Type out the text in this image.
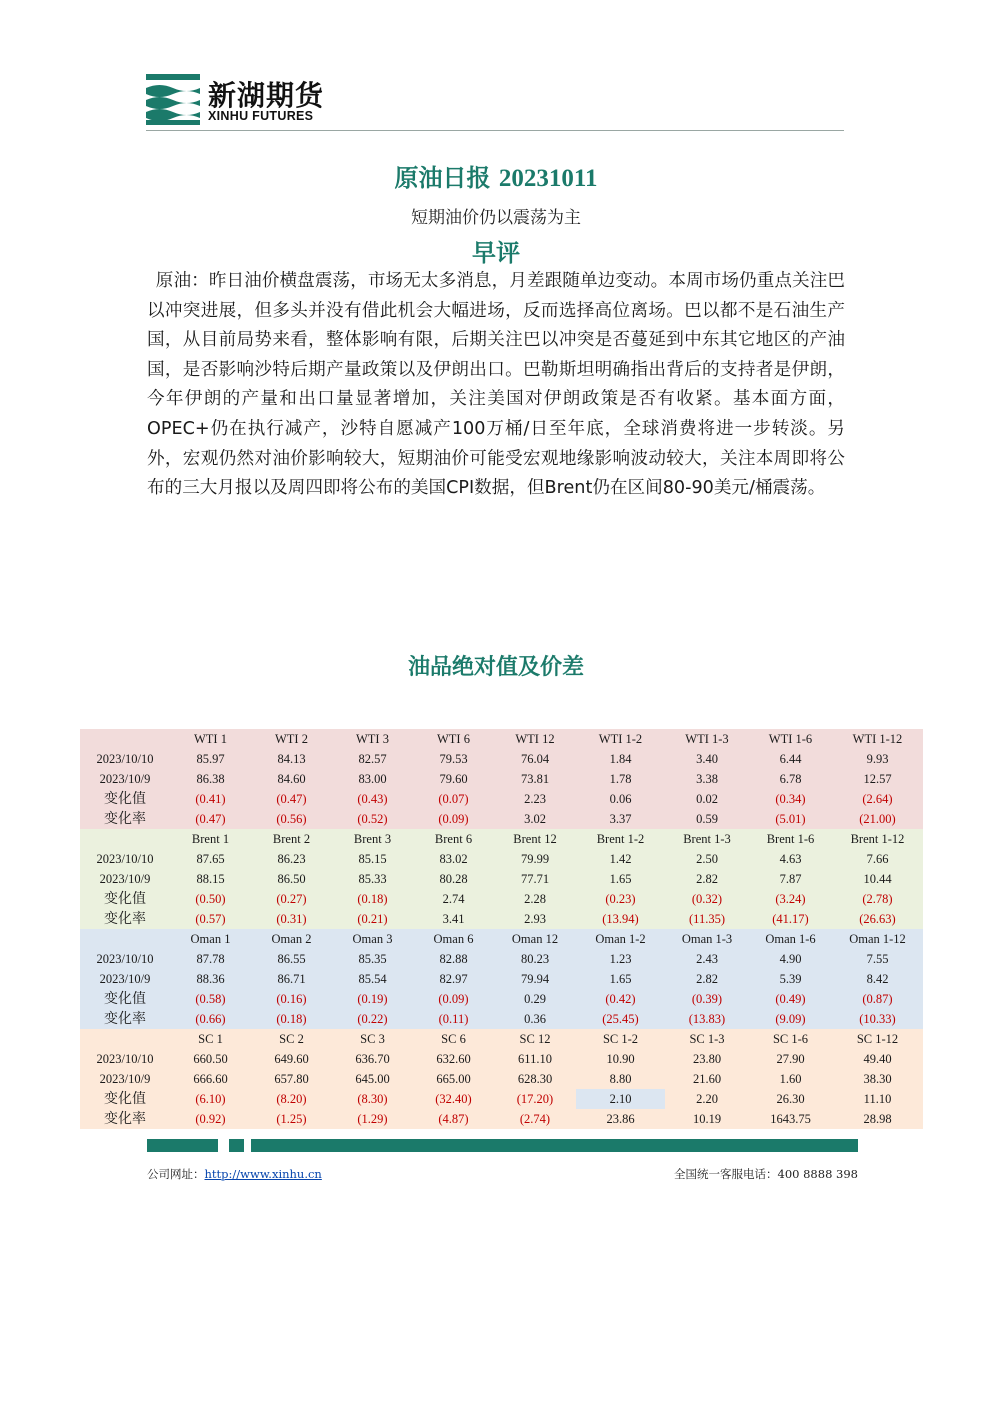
新湖期货
XINHU FUTURES
原油日报 20231011
短期油价仍以震荡为主
早评
原油：昨日油价横盘震荡，市场无太多消息，月差跟随单边变动。本周市场仍重点关注巴以冲突进展，但多头并没有借此机会大幅进场，反而选择高位离场。巴以都不是石油生产国，从目前局势来看，整体影响有限，后期关注巴以冲突是否蔓延到中东其它地区的产油国，是否影响沙特后期产量政策以及伊朗出口。巴勒斯坦明确指出背后的支持者是伊朗，今年伊朗的产量和出口量显著增加，关注美国对伊朗政策是否有收紧。基本面方面，OPEC+仍在执行减产，沙特自愿减产100万桶/日至年底，全球消费将进一步转淡。另外，宏观仍然对油价影响较大，短期油价可能受宏观地缘影响波动较大，关注本周即将公布的三大月报以及周四即将公布的美国CPI数据，但Brent仍在区间80-90美元/桶震荡。
油品绝对值及价差
	WTI 1	WTI 2	WTI 3	WTI 6	WTI 12	WTI 1-2	WTI 1-3	WTI 1-6	WTI 1-12
2023/10/10	85.97	84.13	82.57	79.53	76.04	1.84	3.40	6.44	9.93
2023/10/9	86.38	84.60	83.00	79.60	73.81	1.78	3.38	6.78	12.57
变化值	(0.41)	(0.47)	(0.43)	(0.07)	2.23	0.06	0.02	(0.34)	(2.64)
变化率	(0.47)	(0.56)	(0.52)	(0.09)	3.02	3.37	0.59	(5.01)	(21.00)
	Brent 1	Brent 2	Brent 3	Brent 6	Brent 12	Brent 1-2	Brent 1-3	Brent 1-6	Brent 1-12
2023/10/10	87.65	86.23	85.15	83.02	79.99	1.42	2.50	4.63	7.66
2023/10/9	88.15	86.50	85.33	80.28	77.71	1.65	2.82	7.87	10.44
变化值	(0.50)	(0.27)	(0.18)	2.74	2.28	(0.23)	(0.32)	(3.24)	(2.78)
变化率	(0.57)	(0.31)	(0.21)	3.41	2.93	(13.94)	(11.35)	(41.17)	(26.63)
	Oman 1	Oman 2	Oman 3	Oman 6	Oman 12	Oman 1-2	Oman 1-3	Oman 1-6	Oman 1-12
2023/10/10	87.78	86.55	85.35	82.88	80.23	1.23	2.43	4.90	7.55
2023/10/9	88.36	86.71	85.54	82.97	79.94	1.65	2.82	5.39	8.42
变化值	(0.58)	(0.16)	(0.19)	(0.09)	0.29	(0.42)	(0.39)	(0.49)	(0.87)
变化率	(0.66)	(0.18)	(0.22)	(0.11)	0.36	(25.45)	(13.83)	(9.09)	(10.33)
	SC 1	SC 2	SC 3	SC 6	SC 12	SC 1-2	SC 1-3	SC 1-6	SC 1-12
2023/10/10	660.50	649.60	636.70	632.60	611.10	10.90	23.80	27.90	49.40
2023/10/9	666.60	657.80	645.00	665.00	628.30	8.80	21.60	1.60	38.30
变化值	(6.10)	(8.20)	(8.30)	(32.40)	(17.20)	2.10	2.20	26.30	11.10
变化率	(0.92)	(1.25)	(1.29)	(4.87)	(2.74)	23.86	10.19	1643.75	28.98
公司网址：http://www.xinhu.cn	全国统一客服电话：400 8888 398
